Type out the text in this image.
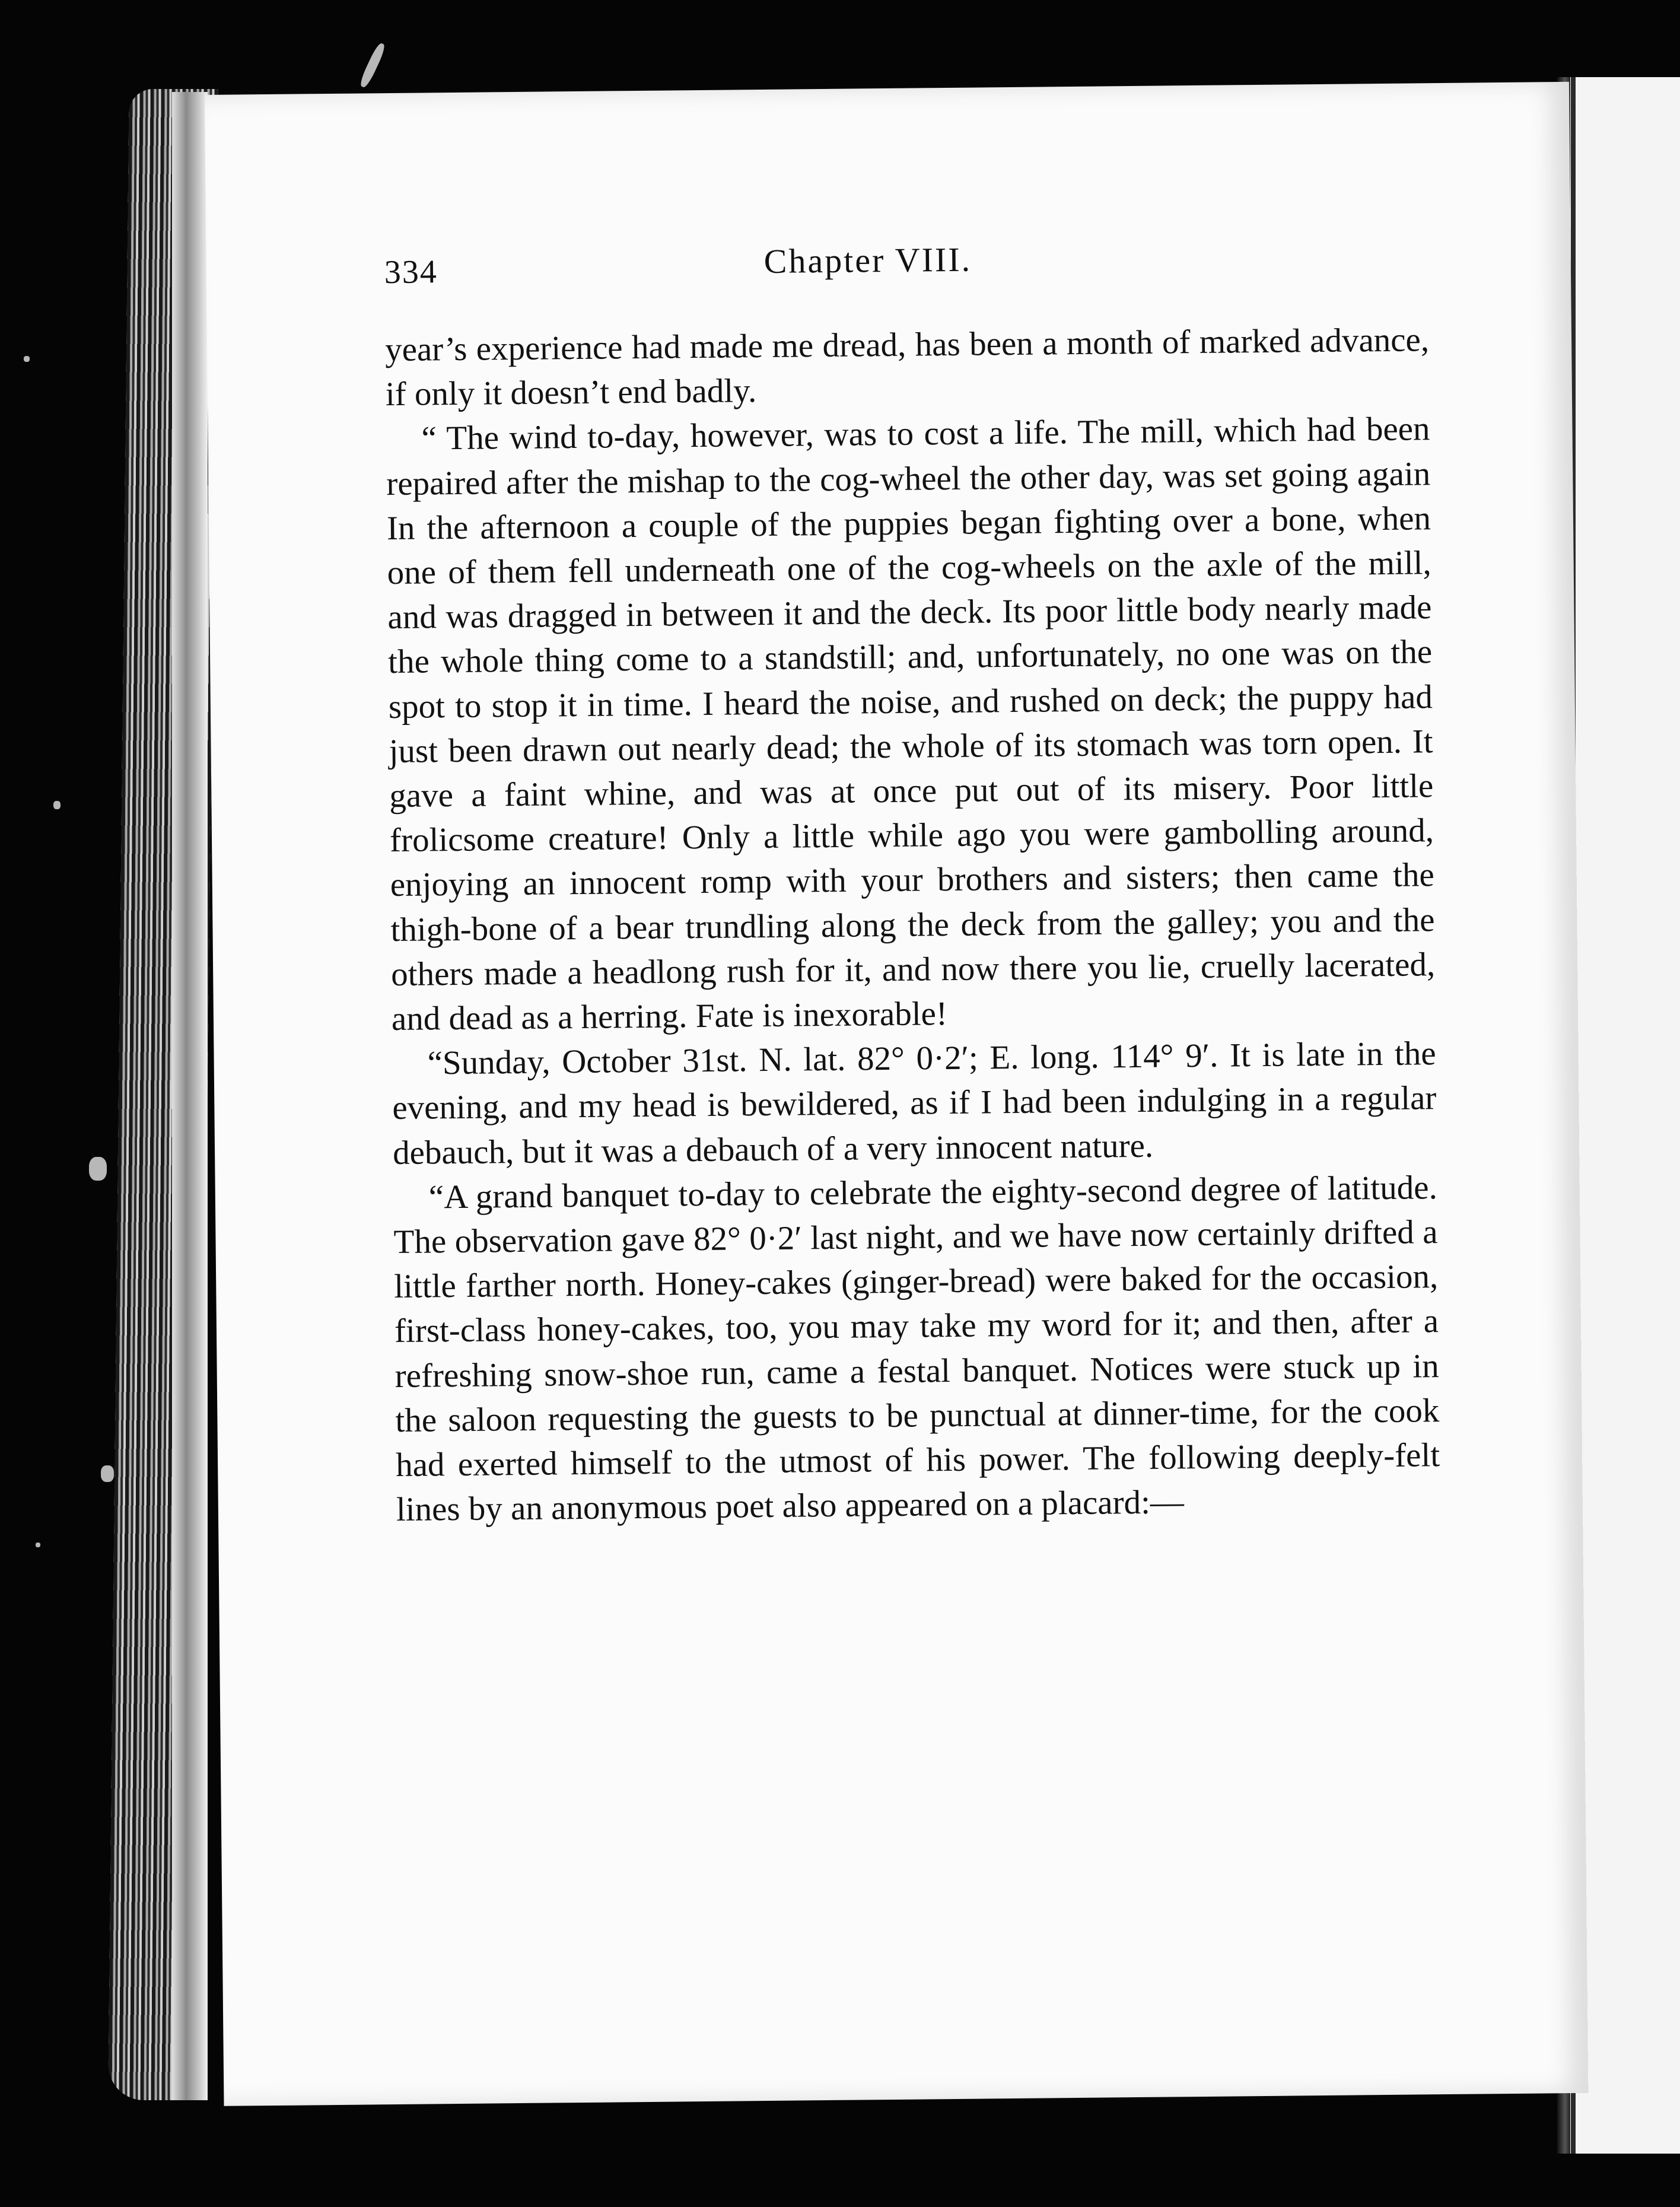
334	Chapter VIII.

year’s experience had made me dread, has been a month of marked advance, if only it doesn’t end badly.

“ The wind to-day, however, was to cost a life. The mill, which had been repaired after the mishap to the cog-wheel the other day, was set going again In the afternoon a couple of the puppies began fighting over a bone, when one of them fell underneath one of the cog-wheels on the axle of the mill, and was dragged in between it and the deck. Its poor little body nearly made the whole thing come to a standstill; and, unfortunately, no one was on the spot to stop it in time. I heard the noise, and rushed on deck; the puppy had just been drawn out nearly dead; the whole of its stomach was torn open. It gave a faint whine, and was at once put out of its misery. Poor little frolicsome creature! Only a little while ago you were gambolling around, enjoying an innocent romp with your brothers and sisters; then came the thigh-bone of a bear trundling along the deck from the galley; you and the others made a headlong rush for it, and now there you lie, cruelly lacerated, and dead as a herring. Fate is inexorable!

“Sunday, October 31st. N. lat. 82° 0·2′; E. long. 114° 9′. It is late in the evening, and my head is bewildered, as if I had been indulging in a regular debauch, but it was a debauch of a very innocent nature.

“A grand banquet to-day to celebrate the eighty-second degree of latitude. The observation gave 82° 0·2′ last night, and we have now certainly drifted a little farther north. Honey-cakes (ginger-bread) were baked for the occasion, first-class honey-cakes, too, you may take my word for it; and then, after a refreshing snow-shoe run, came a festal banquet. Notices were stuck up in the saloon requesting the guests to be punctual at dinner-time, for the cook had exerted himself to the utmost of his power. The following deeply-felt lines by an anonymous poet also appeared on a placard:—
